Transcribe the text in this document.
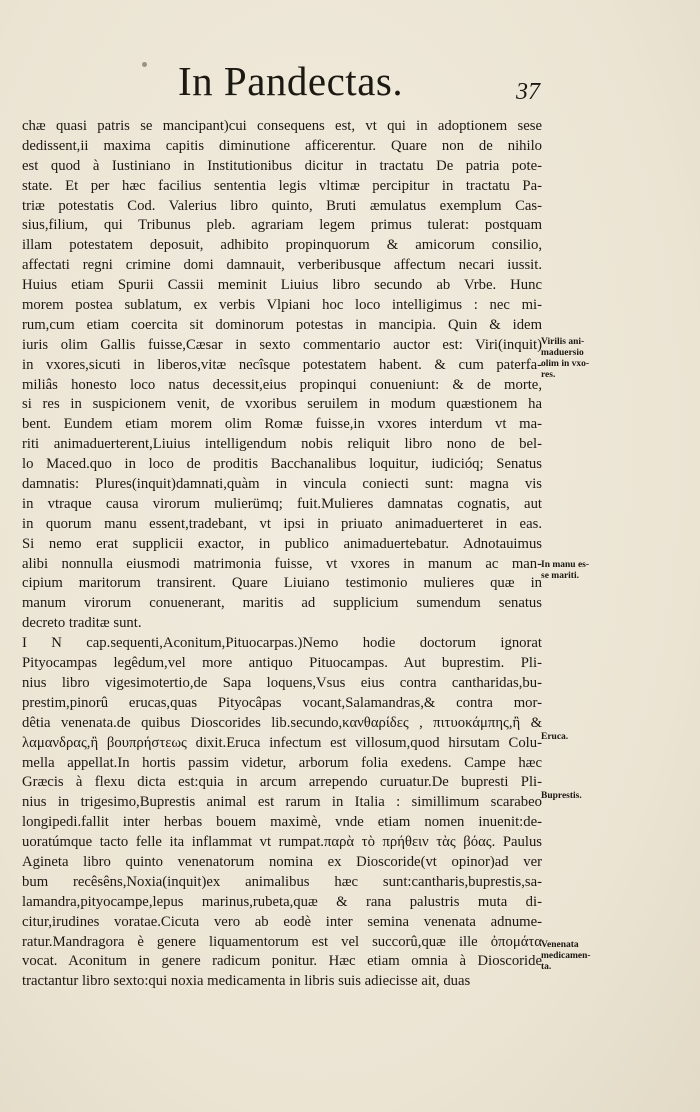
In Pandectas.	37
chæ quasi patris se mancipant)cui consequens est, vt qui in adoptionem sese
dedissent,ii maxima capitis diminutione afficerentur. Quare non de nihilo
est quod à Iustiniano in Institutionibus dicitur in tractatu De patria pote-
state. Et per hæc facilius sententia legis vltimæ percipitur in tractatu Pa-
triæ potestatis Cod. Valerius libro quinto, Bruti æmulatus exemplum Cas-
sius,filium, qui Tribunus pleb. agrariam legem primus tulerat: postquam
illam potestatem deposuit, adhibito propinquorum & amicorum consilio,
affectati regni crimine domi damnauit, verberibusque affectum necari iussit.
Huius etiam Spurii Cassii meminit Liuius libro secundo ab Vrbe. Hunc
morem postea sublatum, ex verbis Vlpiani hoc loco intelligimus : nec mi-
rum,cum etiam coercita sit dominorum potestas in mancipia. Quin & idem
iuris olim Gallis fuisse,Cæsar in sexto commentario auctor est: Viri(inquit)
in vxores,sicuti in liberos,vitæ necîsque potestatem habent. & cum paterfa-
miliâs honesto loco natus decessit,eius propinqui conueniunt: & de morte,
si res in suspicionem venit, de vxoribus seruilem in modum quæstionem ha
bent. Eundem etiam morem olim Romæ fuisse,in vxores interdum vt ma-
riti animaduerterent,Liuius intelligendum nobis reliquit libro nono de bel-
lo Maced.quo in loco de proditis Bacchanalibus loquitur, iudicióq; Senatus
damnatis: Plures(inquit)damnati,quàm in vincula coniecti sunt: magna vis
in vtraque causa virorum mulierümq; fuit.Mulieres damnatas cognatis, aut
in quorum manu essent,tradebant, vt ipsi in priuato animaduerteret in eas.
Si nemo erat supplicii exactor, in publico animaduertebatur. Adnotauimus
alibi nonnulla eiusmodi matrimonia fuisse, vt vxores in manum ac man-
cipium maritorum transirent. Quare Liuiano testimonio mulieres quæ in
manum virorum conuenerant, maritis ad supplicium sumendum senatus
decreto traditæ sunt.
I N cap.sequenti,Aconitum,Pituocarpas.)Nemo hodie doctorum ignorat
Pityocampas legêdum,vel more antiquo Pituocampas. Aut buprestim. Pli-
nius libro vigesimotertio,de Sapa loquens,Vsus eius contra cantharidas,bu-
prestim,pinorû erucas,quas Pityocâpas vocant,Salamandras,& contra mor-
dêtia venenata.de quibus Dioscorides lib.secundo,κανθαρίδες , πιτυοκάμπης,ἢ &
λαμανδρας,ἢ βουπρήστεως dixit.Eruca infectum est villosum,quod hirsutam Colu-
mella appellat.In hortis passim videtur, arborum folia exedens. Campe hæc
Græcis à flexu dicta est:quia in arcum arrependo curuatur.De bupresti Pli-
nius in trigesimo,Buprestis animal est rarum in Italia : simillimum scarabeo
longipedi.fallit inter herbas bouem maximè, vnde etiam nomen inuenit:de-
uoratúmque tacto felle ita inflammat vt rumpat.παρὰ τὸ πρήθειν τὰς βόας. Paulus
Agineta libro quinto venenatorum nomina ex Dioscoride(vt opinor)ad ver
bum recêsêns,Noxia(inquit)ex animalibus hæc sunt:cantharis,buprestis,sa-
lamandra,pityocampe,lepus marinus,rubeta,quæ & rana palustris muta di-
citur,irudines voratae.Cicuta vero ab eodè inter semina venenata adnume-
ratur.Mandragora è genere liquamentorum est vel succorû,quæ ille ὀπομάτα
vocat. Aconitum in genere radicum ponitur. Hæc etiam omnia à Dioscoride
tractantur libro sexto:qui noxia medicamenta in libris suis adiecisse ait, duas
Virilis ani-
maduersio
olim in vxo-
res.
In manu es-
se mariti.
Eruca.
Buprestis.
Venenata
medicamen-
ta.
